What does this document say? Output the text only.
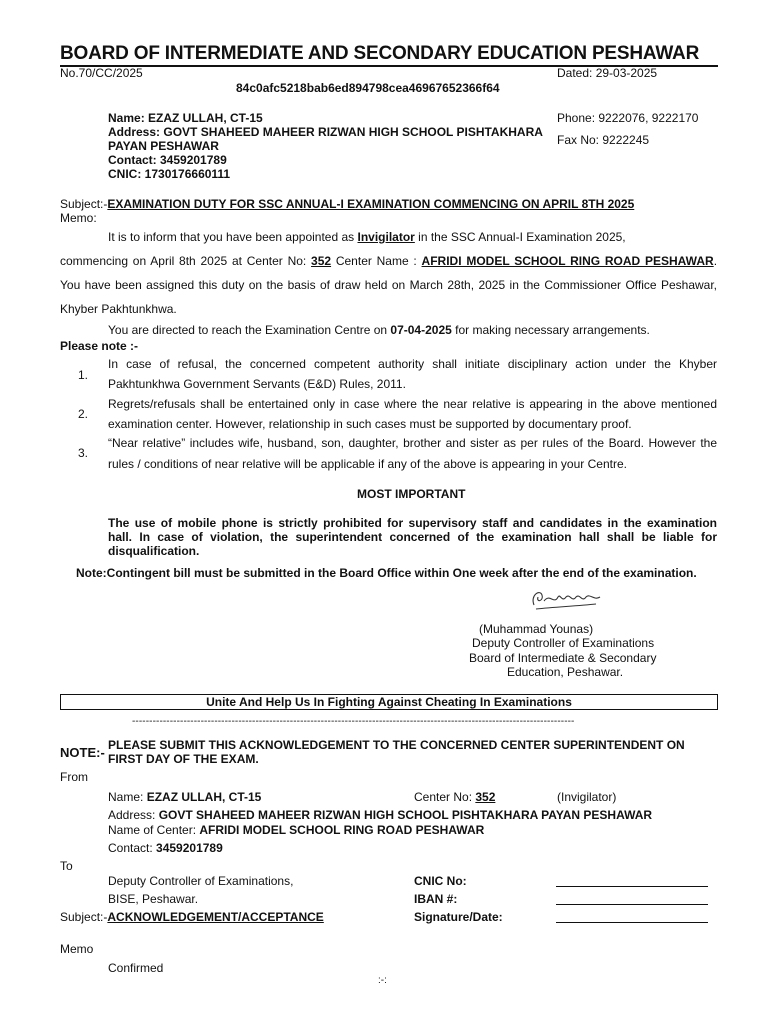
BOARD OF INTERMEDIATE AND SECONDARY EDUCATION PESHAWAR
No.70/CC/2025	Dated: 29-03-2025
84c0afc5218bab6ed894798cea46967652366f64
Name: EZAZ ULLAH, CT-15
Address: GOVT SHAHEED MAHEER RIZWAN HIGH SCHOOL PISHTAKHARA
PAYAN PESHAWAR
Contact: 3459201789
CNIC: 1730176660111
Phone: 9222076, 9222170
Fax No: 9222245
Subject:-EXAMINATION DUTY FOR SSC ANNUAL-I EXAMINATION COMMENCING ON APRIL 8TH 2025
Memo:
It is to inform that you have been appointed as Invigilator in the SSC Annual-I Examination 2025,
commencing on April 8th 2025 at Center No: 352 Center Name : AFRIDI MODEL SCHOOL RING ROAD PESHAWAR.
You have been assigned this duty on the basis of draw held on March 28th, 2025 in the Commissioner Office Peshawar,
Khyber Pakhtunkhwa.
You are directed to reach the Examination Centre on 07-04-2025 for making necessary arrangements.
Please note :-
1.
In case of refusal, the concerned competent authority shall initiate disciplinary action under the Khyber
Pakhtunkhwa Government Servants (E&D) Rules, 2011.
2.
Regrets/refusals shall be entertained only in case where the near relative is appearing in the above mentioned
examination center. However, relationship in such cases must be supported by documentary proof.
3.
“Near relative” includes wife, husband, son, daughter, brother and sister as per rules of the Board. However the
rules / conditions of near relative will be applicable if any of the above is appearing in your Centre.
MOST IMPORTANT
The use of mobile phone is strictly prohibited for supervisory staff and candidates in the examination
hall. In case of violation, the superintendent concerned of the examination hall shall be liable for
disqualification.
Note:Contingent bill must be submitted in the Board Office within One week after the end of the examination.
(Muhammad Younas)
Deputy Controller of Examinations
Board of Intermediate & Secondary
Education, Peshawar.
Unite And Help Us In Fighting Against Cheating In Examinations
---------------------------------------------------------------------------------------------------------------------------------
NOTE:- PLEASE SUBMIT THIS ACKNOWLEDGEMENT TO THE CONCERNED CENTER SUPERINTENDENT ON
FIRST DAY OF THE EXAM.
From
Name: EZAZ ULLAH, CT-15	Center No: 352	(Invigilator)
Address: GOVT SHAHEED MAHEER RIZWAN HIGH SCHOOL PISHTAKHARA PAYAN PESHAWAR
Name of Center: AFRIDI MODEL SCHOOL RING ROAD PESHAWAR
Contact: 3459201789
To
Deputy Controller of Examinations,
BISE, Peshawar.
CNIC No:
IBAN #:
Signature/Date:
Subject:-ACKNOWLEDGEMENT/ACCEPTANCE
Memo
Confirmed
:-:
